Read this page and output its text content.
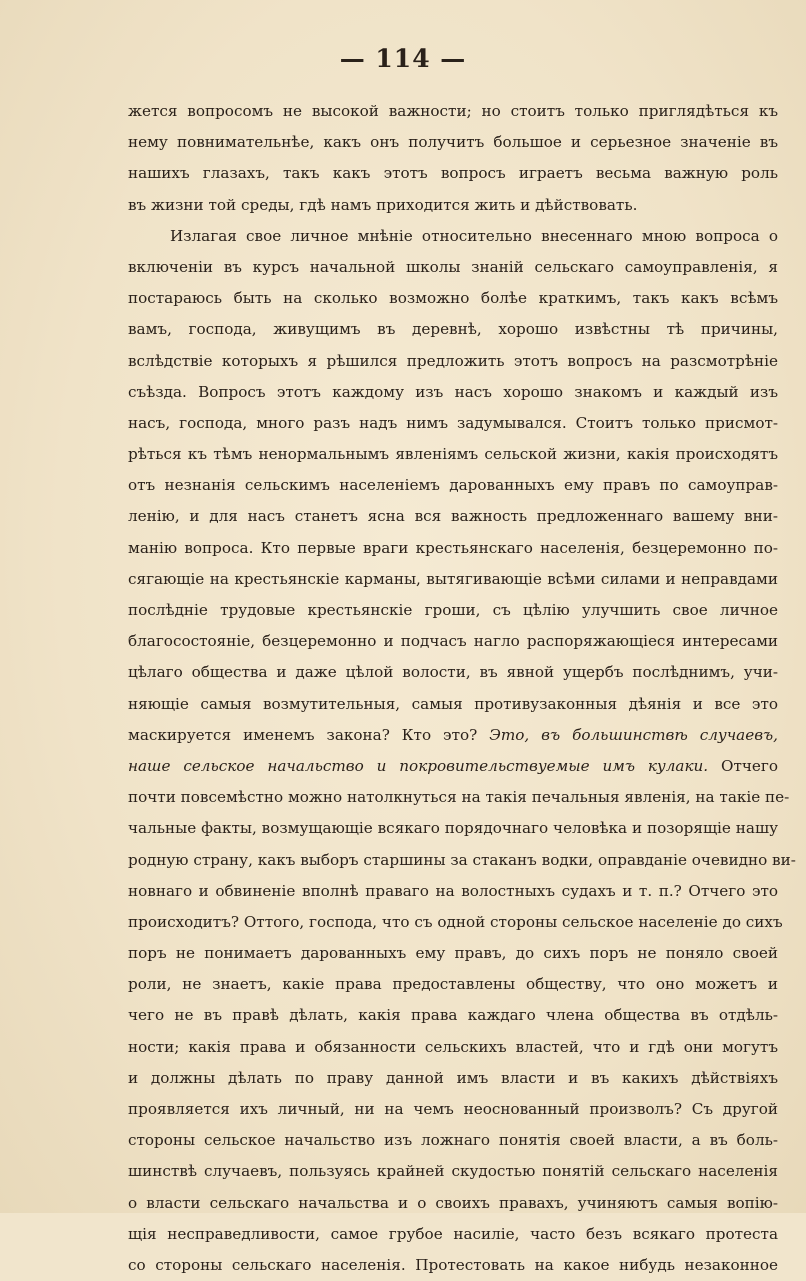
— 114 —
жется вопросомъ не высокой важности; но стоитъ только приглядѣться къ
нему повнимательнѣе, какъ онъ получитъ большое и серьезное значенiе въ
нашихъ глазахъ, такъ какъ этотъ вопросъ играетъ весьма важную роль
въ жизни той среды, гдѣ намъ приходится жить и дѣйствовать.
Излагая свое личное мнѣнiе относительно внесеннаго мною вопроса о
включенiи въ курсъ начальной школы знанiй сельскаго самоуправленiя, я
постараюсь быть на сколько возможно болѣе краткимъ, такъ какъ всѣмъ
вамъ, господа, живущимъ въ деревнѣ, хорошо извѣстны тѣ причины,
вслѣдствiе которыхъ я рѣшился предложить этотъ вопросъ на разсмотрѣнiе
съѣзда. Вопросъ этотъ каждому изъ насъ хорошо знакомъ и каждый изъ
насъ, господа, много разъ надъ нимъ задумывался. Стоитъ только присмот-
рѣться къ тѣмъ ненормальнымъ явленiямъ сельской жизни, какiя происходятъ
отъ незнанiя сельскимъ населенiемъ дарованныхъ ему правъ по самоуправ-
ленiю, и для насъ станетъ ясна вся важность предложеннаго вашему вни-
манiю вопроса. Кто первые враги крестьянскаго населенiя, безцеремонно по-
сягающiе на крестьянскiе карманы, вытягивающiе всѣми силами и неправдами
послѣднiе трудовые крестьянскiе гроши, съ цѣлiю улучшить свое личное
благосостоянiе, безцеремонно и подчасъ нагло распоряжающiеся интересами
цѣлаго общества и даже цѣлой волости, въ явной ущербъ послѣднимъ, учи-
няющiе самыя возмутительныя, самыя противузаконныя дѣянiя и все это
маскируется именемъ закона? Кто это? Это, въ большинствѣ случаевъ,
наше сельское начальство и покровительствуемые имъ кулаки. Отчего
почти повсемѣстно можно натолкнуться на такiя печальныя явленiя, на такiе пе-
чальные факты, возмущающiе всякаго порядочнаго человѣка и позорящiе нашу
родную страну, какъ выборъ старшины за стаканъ водки, оправданiе очевидно ви-
новнаго и обвиненiе вполнѣ праваго на волостныхъ судахъ и т. п.? Отчего это
происходитъ? Оттого, господа, что съ одной стороны сельское населенiе до сихъ
поръ не понимаетъ дарованныхъ ему правъ, до сихъ поръ не поняло своей
роли, не знаетъ, какiе права предоставлены обществу, что оно можетъ и
чего не въ правѣ дѣлать, какiя права каждаго члена общества въ отдѣль-
ности; какiя права и обязанности сельскихъ властей, что и гдѣ они могутъ
и должны дѣлать по праву данной имъ власти и въ какихъ дѣйствiяхъ
проявляется ихъ личный, ни на чемъ неоснованный произволъ? Съ другой
стороны сельское начальство изъ ложнаго понятiя своей власти, а въ боль-
шинствѣ случаевъ, пользуясь крайней скудостью понятiй сельскаго населенiя
о власти сельскаго начальства и о своихъ правахъ, учиняютъ самыя вопiю-
щiя несправедливости, самое грубое насилiе, часто безъ всякаго протеста
со стороны сельскаго населенiя. Протестовать на какое нибудь незаконное
